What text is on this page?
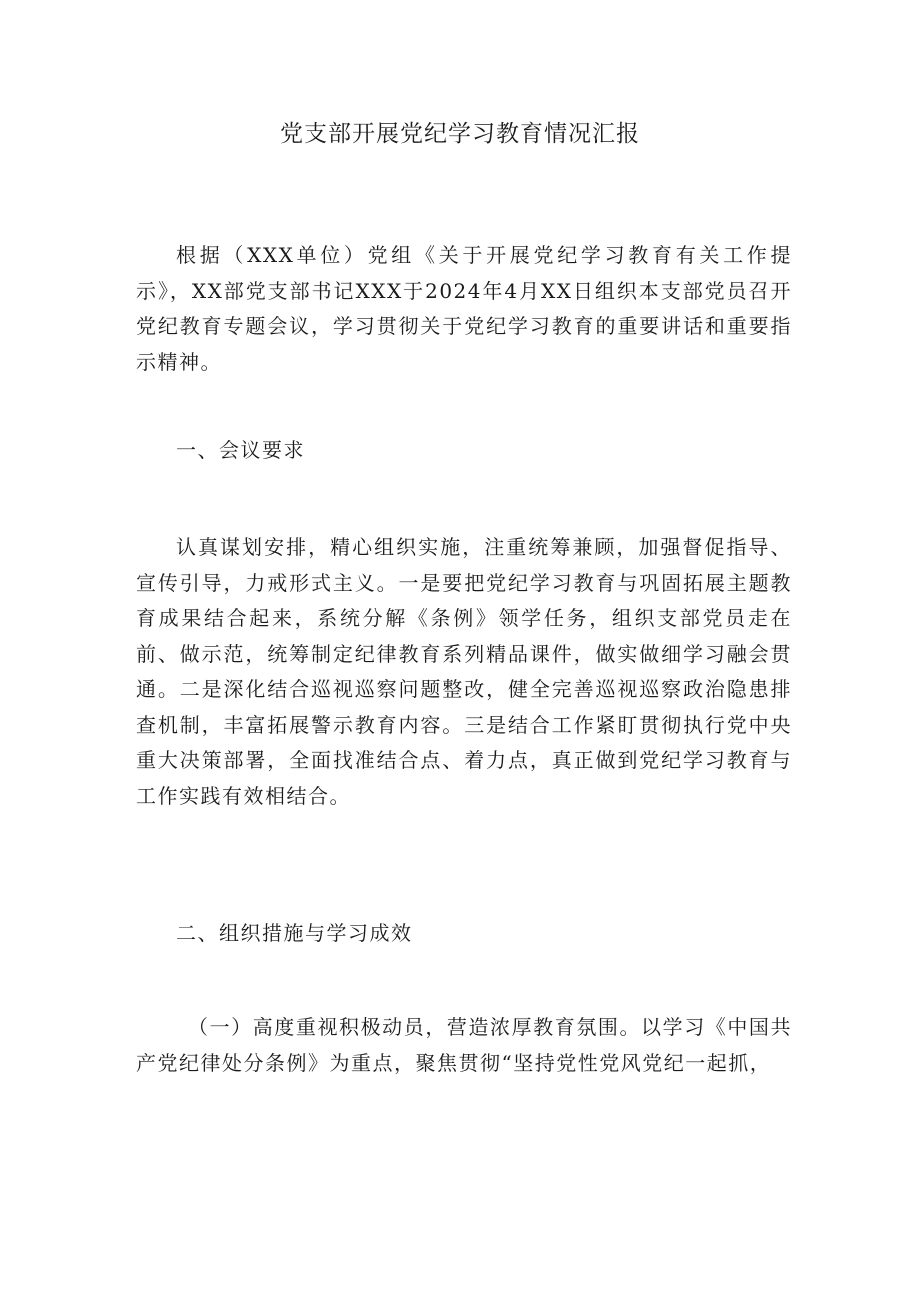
党支部开展党纪学习教育情况汇报

根据（XXX单位）党组《关于开展党纪学习教育有关工作提示》，XX部党支部书记XXX于2024年4月XX日组织本支部党员召开党纪教育专题会议，学习贯彻关于党纪学习教育的重要讲话和重要指示精神。

一、会议要求

认真谋划安排，精心组织实施，注重统筹兼顾，加强督促指导、宣传引导，力戒形式主义。一是要把党纪学习教育与巩固拓展主题教育成果结合起来，系统分解《条例》领学任务，组织支部党员走在前、做示范，统筹制定纪律教育系列精品课件，做实做细学习融会贯通。二是深化结合巡视巡察问题整改，健全完善巡视巡察政治隐患排查机制，丰富拓展警示教育内容。三是结合工作紧盯贯彻执行党中央重大决策部署，全面找准结合点、着力点，真正做到党纪学习教育与工作实践有效相结合。

二、组织措施与学习成效

（一）高度重视积极动员，营造浓厚教育氛围。以学习《中国共产党纪律处分条例》为重点，聚焦贯彻“坚持党性党风党纪一起抓，
